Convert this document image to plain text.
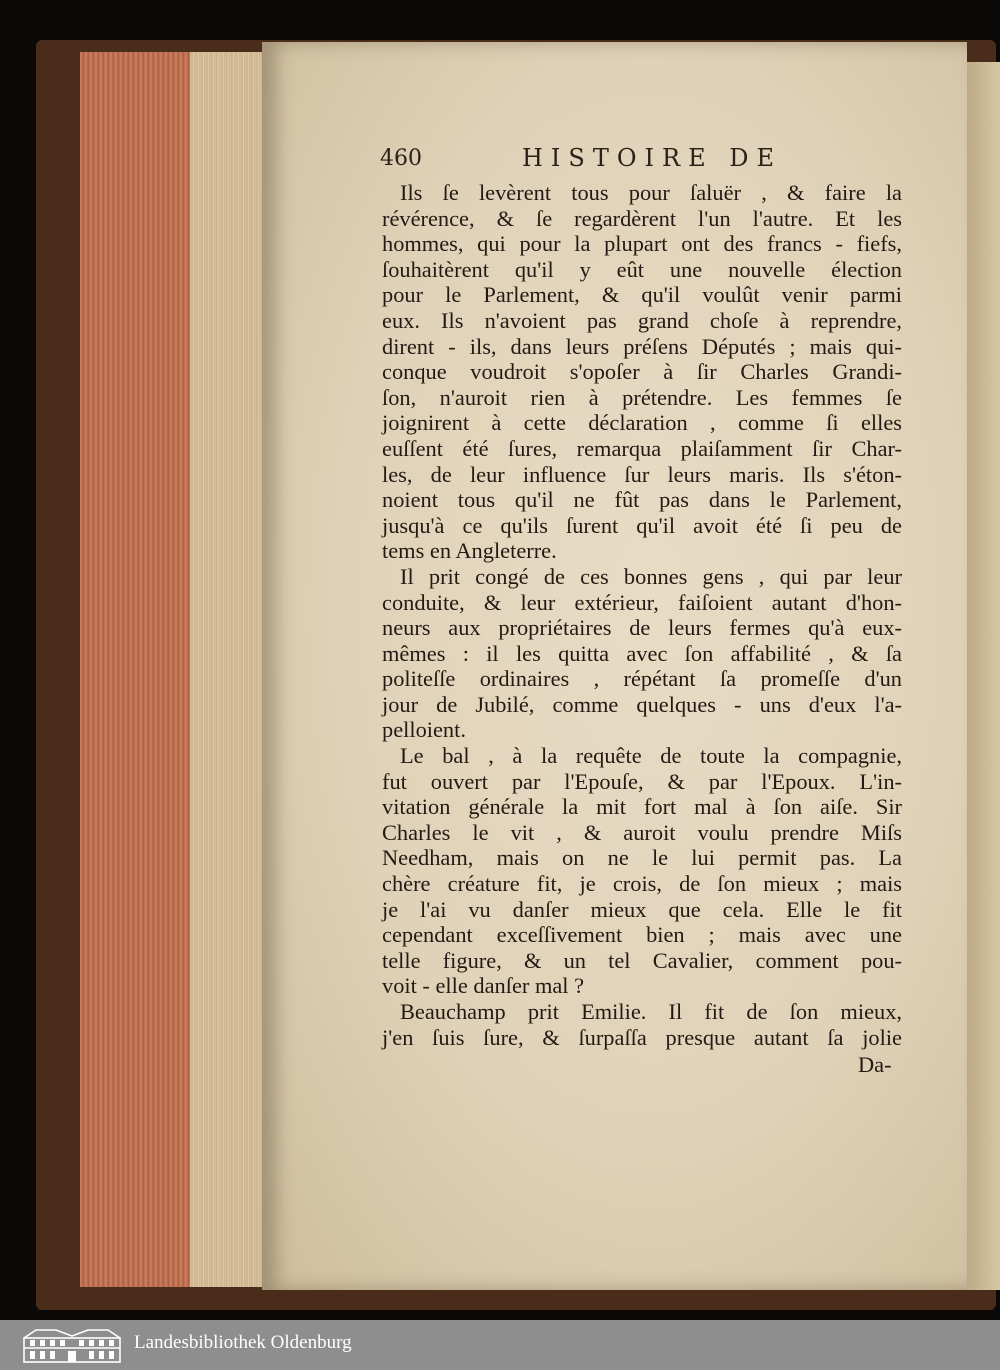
460	HISTOIRE DE
Ils ſe levèrent tous pour ſaluër , & faire la
révérence, & ſe regardèrent l'un l'autre. Et les
hommes, qui pour la plupart ont des francs - fiefs,
ſouhaitèrent qu'il y eût une nouvelle élection
pour le Parlement, & qu'il voulût venir parmi
eux. Ils n'avoient pas grand choſe à reprendre,
dirent - ils, dans leurs préſens Députés ; mais qui-
conque voudroit s'opoſer à ſir Charles Grandi-
ſon, n'auroit rien à prétendre. Les femmes ſe
joignirent à cette déclaration , comme ſi elles
euſſent été ſures, remarqua plaiſamment ſir Char-
les, de leur influence ſur leurs maris. Ils s'éton-
noient tous qu'il ne fût pas dans le Parlement,
jusqu'à ce qu'ils ſurent qu'il avoit été ſi peu de
tems en Angleterre.
Il prit congé de ces bonnes gens , qui par leur
conduite, & leur extérieur, faiſoient autant d'hon-
neurs aux propriétaires de leurs fermes qu'à eux-
mêmes : il les quitta avec ſon affabilité , & ſa
politeſſe ordinaires , répétant ſa promeſſe d'un
jour de Jubilé, comme quelques - uns d'eux l'a-
pelloient.
Le bal , à la requête de toute la compagnie,
fut ouvert par l'Epouſe, & par l'Epoux. L'in-
vitation générale la mit fort mal à ſon aiſe. Sir
Charles le vit , & auroit voulu prendre Miſs
Needham, mais on ne le lui permit pas. La
chère créature fit, je crois, de ſon mieux ; mais
je l'ai vu danſer mieux que cela. Elle le fit
cependant exceſſivement bien ; mais avec une
telle figure, & un tel Cavalier, comment pou-
voit - elle danſer mal ?
Beauchamp prit Emilie. Il fit de ſon mieux,
j'en ſuis ſure, & ſurpaſſa presque autant ſa jolie
Da-
Landesbibliothek Oldenburg
